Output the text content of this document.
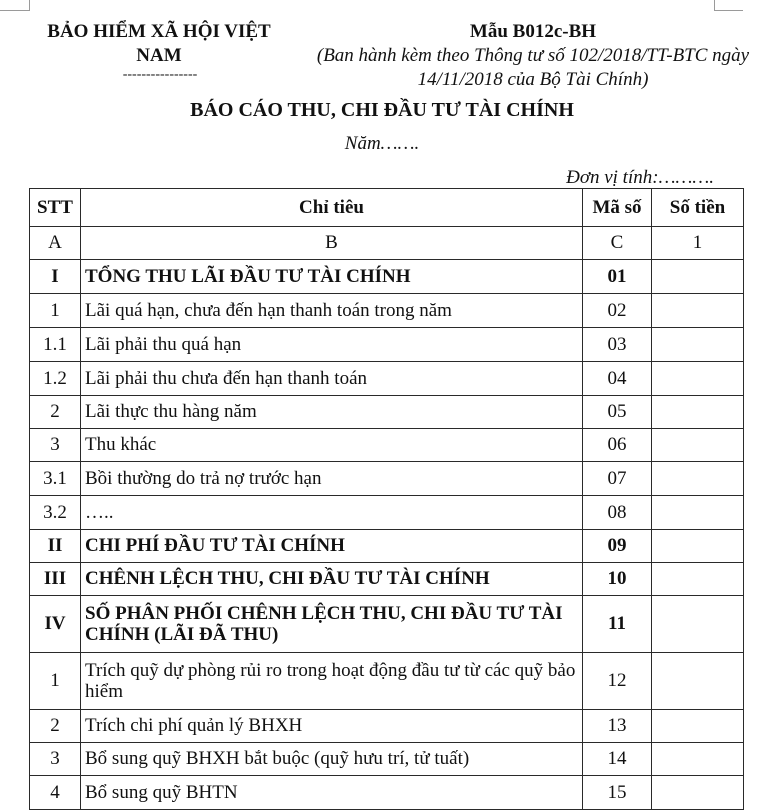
BẢO HIỂM XÃ HỘI VIỆT NAM
----------------
Mẫu B012c-BH
(Ban hành kèm theo Thông tư số 102/2018/TT-BTC ngày 14/11/2018 của Bộ Tài Chính)
BÁO CÁO THU, CHI ĐẦU TƯ TÀI CHÍNH
Năm…….
Đơn vị tính:……….
STT	Chỉ tiêu	Mã số	Số tiền
A	B	C	1
I	TỔNG THU LÃI ĐẦU TƯ TÀI CHÍNH	01	
1	Lãi quá hạn, chưa đến hạn thanh toán trong năm	02	
1.1	Lãi phải thu quá hạn	03	
1.2	Lãi phải thu chưa đến hạn thanh toán	04	
2	Lãi thực thu hàng năm	05	
3	Thu khác	06	
3.1	Bồi thường do trả nợ trước hạn	07	
3.2	…..	08	
II	CHI PHÍ ĐẦU TƯ TÀI CHÍNH	09	
III	CHÊNH LỆCH THU, CHI ĐẦU TƯ TÀI CHÍNH	10	
IV	SỐ PHÂN PHỐI CHÊNH LỆCH THU, CHI ĐẦU TƯ TÀI CHÍNH (LÃI ĐÃ THU)	11	
1	Trích quỹ dự phòng rủi ro trong hoạt động đầu tư từ các quỹ bảo hiểm	12	
2	Trích chi phí quản lý BHXH	13	
3	Bổ sung quỹ BHXH bắt buộc (quỹ hưu trí, tử tuất)	14	
4	Bổ sung quỹ BHTN	15	
